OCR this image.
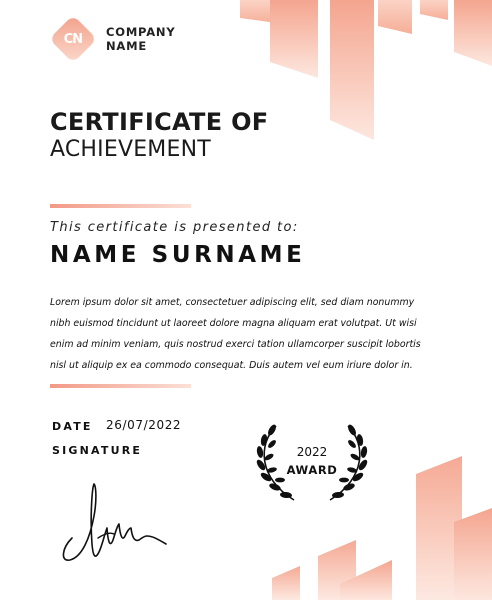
CN COMPANY
NAME
CERTIFICATE OF
ACHIEVEMENT
This certificate is presented to:
NAME SURNAME
Lorem ipsum dolor sit amet, consectetuer adipiscing elit, sed diam nonummy
nibh euismod tincidunt ut laoreet dolore magna aliquam erat volutpat. Ut wisi
enim ad minim veniam, quis nostrud exerci tation ullamcorper suscipit lobortis
nisl ut aliquip ex ea commodo consequat. Duis autem vel eum iriure dolor in.
DATE 26/07/2022
SIGNATURE	2022
AWARD
